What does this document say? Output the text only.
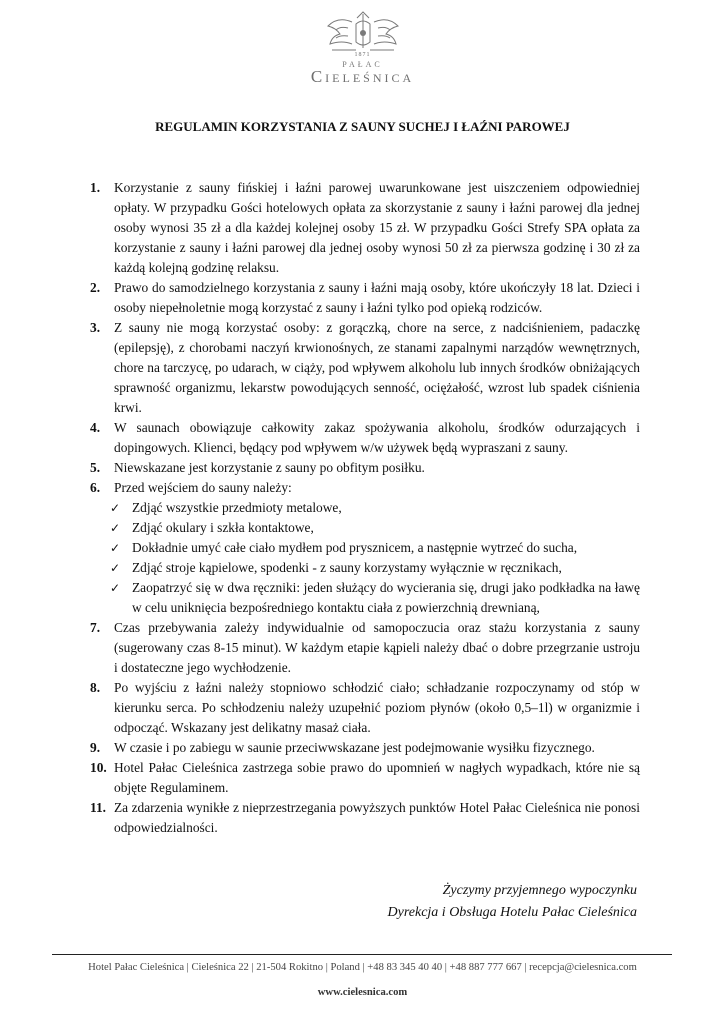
1871
PAŁAC
Cieleśnica
REGULAMIN KORZYSTANIA Z SAUNY SUCHEJ I ŁAŹNI PAROWEJ
1. Korzystanie z sauny fińskiej i łaźni parowej uwarunkowane jest uiszczeniem odpowiedniej opłaty. W przypadku Gości hotelowych opłata za skorzystanie z sauny i łaźni parowej dla jednej osoby wynosi 35 zł a dla każdej kolejnej osoby 15 zł. W przypadku Gości Strefy SPA opłata za korzystanie z sauny i łaźni parowej dla jednej osoby wynosi 50 zł za pierwsza godzinę i 30 zł za każdą kolejną godzinę relaksu.
2. Prawo do samodzielnego korzystania z sauny i łaźni mają osoby, które ukończyły 18 lat. Dzieci i osoby niepełnoletnie mogą korzystać z sauny i łaźni tylko pod opieką rodziców.
3. Z sauny nie mogą korzystać osoby: z gorączką, chore na serce, z nadciśnieniem, padaczkę (epilepsję), z chorobami naczyń krwionośnych, ze stanami zapalnymi narządów wewnętrznych, chore na tarczycę, po udarach, w ciąży, pod wpływem alkoholu lub innych środków obniżających sprawność organizmu, lekarstw powodujących senność, ociężałość, wzrost lub spadek ciśnienia krwi.
4. W saunach obowiązuje całkowity zakaz spożywania alkoholu, środków odurzających i dopingowych. Klienci, będący pod wpływem w/w używek będą wypraszani z sauny.
5. Niewskazane jest korzystanie z sauny po obfitym posiłku.
6. Przed wejściem do sauny należy:
✓ Zdjąć wszystkie przedmioty metalowe,
✓ Zdjąć okulary i szkła kontaktowe,
✓ Dokładnie umyć całe ciało mydłem pod prysznicem, a następnie wytrzeć do sucha,
✓ Zdjąć stroje kąpielowe, spodenki - z sauny korzystamy wyłącznie w ręcznikach,
✓ Zaopatrzyć się w dwa ręczniki: jeden służący do wycierania się, drugi jako podkładka na ławę w celu uniknięcia bezpośredniego kontaktu ciała z powierzchnią drewnianą,
7. Czas przebywania zależy indywidualnie od samopoczucia oraz stażu korzystania z sauny (sugerowany czas 8-15 minut). W każdym etapie kąpieli należy dbać o dobre przegrzanie ustroju i dostateczne jego wychłodzenie.
8. Po wyjściu z łaźni należy stopniowo schłodzić ciało; schładzanie rozpoczynamy od stóp w kierunku serca. Po schłodzeniu należy uzupełnić poziom płynów (około 0,5–1l) w organizmie i odpocząć. Wskazany jest delikatny masaż ciała.
9. W czasie i po zabiegu w saunie przeciwwskazane jest podejmowanie wysiłku fizycznego.
10. Hotel Pałac Cieleśnica zastrzega sobie prawo do upomnień w nagłych wypadkach, które nie są objęte Regulaminem.
11. Za zdarzenia wynikłe z nieprzestrzegania powyższych punktów Hotel Pałac Cieleśnica nie ponosi odpowiedzialności.
Życzymy przyjemnego wypoczynku
Dyrekcja i Obsługa Hotelu Pałac Cieleśnica
Hotel Pałac Cieleśnica | Cieleśnica 22 | 21-504 Rokitno | Poland | +48 83 345 40 40 | +48 887 777 667 | recepcja@cielesnica.com
www.cielesnica.com
